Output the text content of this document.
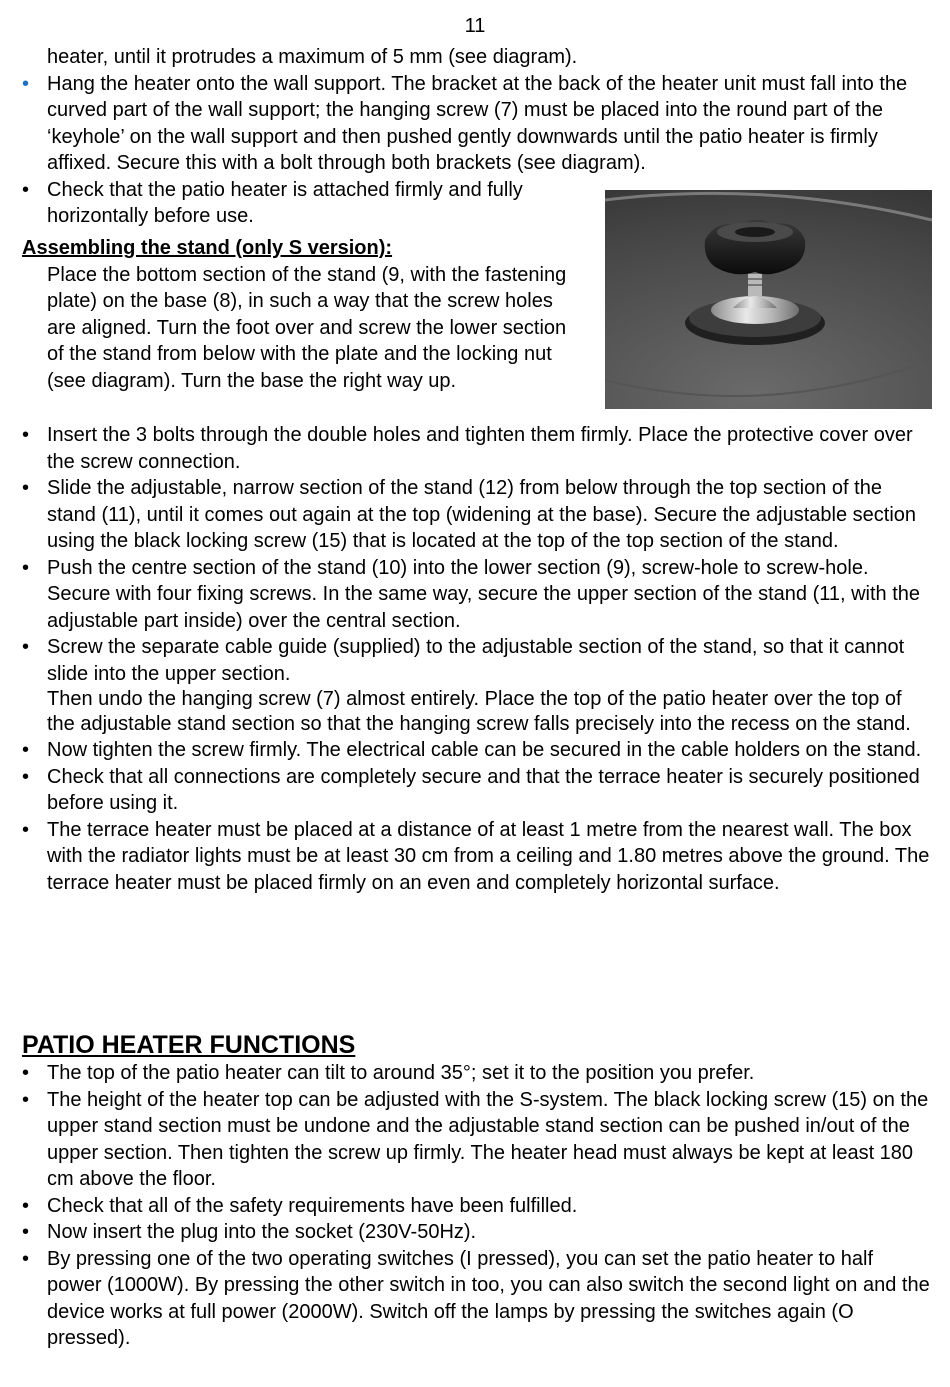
11
heater, until it protrudes a maximum of 5 mm (see diagram).
• Hang the heater onto the wall support. The bracket at the back of the heater unit must fall into the curved part of the wall support; the hanging screw (7) must be placed into the round part of the ‘keyhole’ on the wall support and then pushed gently downwards until the patio heater is firmly affixed. Secure this with a bolt through both brackets (see diagram).
• Check that the patio heater is attached firmly and fully horizontally before use.
Assembling the stand (only S version):
Place the bottom section of the stand (9, with the fastening plate) on the base (8), in such a way that the screw holes are aligned. Turn the foot over and screw the lower section of the stand from below with the plate and the locking nut (see diagram). Turn the base the right way up.
• Insert the 3 bolts through the double holes and tighten them firmly. Place the protective cover over the screw connection.
• Slide the adjustable, narrow section of the stand (12) from below through the top section of the stand (11), until it comes out again at the top (widening at the base). Secure the adjustable section using the black locking screw (15) that is located at the top of the top section of the stand.
• Push the centre section of the stand (10) into the lower section (9), screw-hole to screw-hole. Secure with four fixing screws. In the same way, secure the upper section of the stand (11, with the adjustable part inside) over the central section.
• Screw the separate cable guide (supplied) to the adjustable section of the stand, so that it cannot slide into the upper section.
Then undo the hanging screw (7) almost entirely. Place the top of the patio heater over the top of the adjustable stand section so that the hanging screw falls precisely into the recess on the stand.
• Now tighten the screw firmly. The electrical cable can be secured in the cable holders on the stand.
• Check that all connections are completely secure and that the terrace heater is securely positioned before using it.
• The terrace heater must be placed at a distance of at least 1 metre from the nearest wall. The box with the radiator lights must be at least 30 cm from a ceiling and 1.80 metres above the ground. The terrace heater must be placed firmly on an even and completely horizontal surface.
PATIO HEATER FUNCTIONS
• The top of the patio heater can tilt to around 35°; set it to the position you prefer.
• The height of the heater top can be adjusted with the S-system. The black locking screw (15) on the upper stand section must be undone and the adjustable stand section can be pushed in/out of the upper section. Then tighten the screw up firmly. The heater head must always be kept at least 180 cm above the floor.
• Check that all of the safety requirements have been fulfilled.
• Now insert the plug into the socket (230V-50Hz).
• By pressing one of the two operating switches (I pressed), you can set the patio heater to half power (1000W). By pressing the other switch in too, you can also switch the second light on and the device works at full power (2000W). Switch off the lamps by pressing the switches again (O pressed).
